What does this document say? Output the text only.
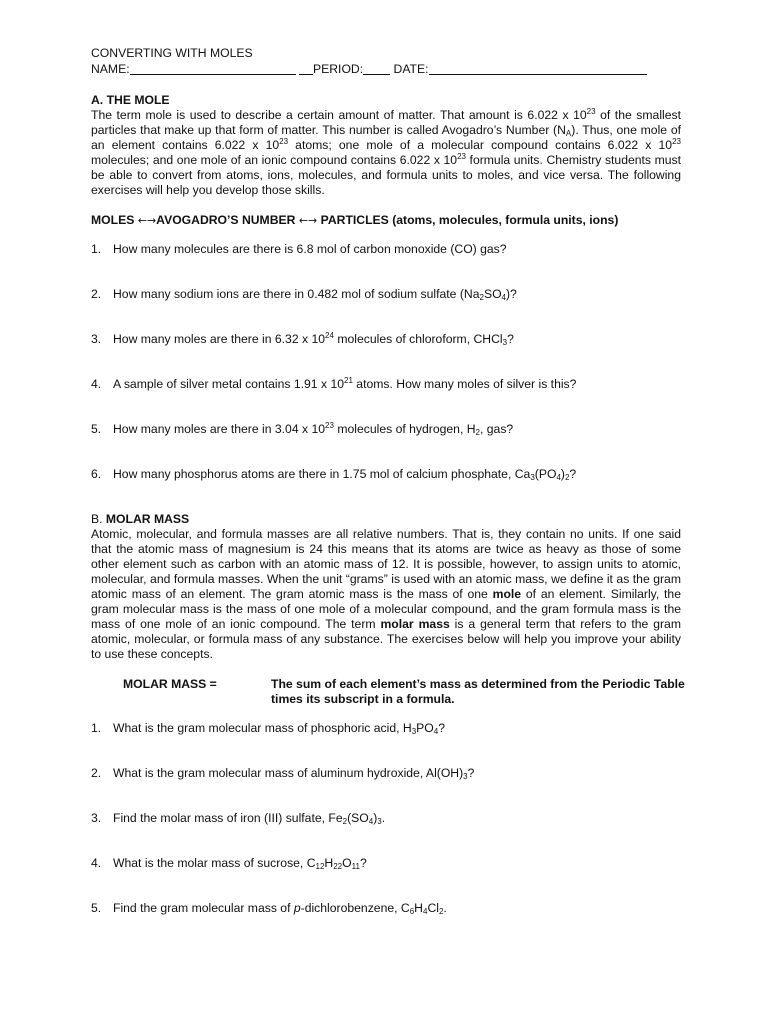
CONVERTING WITH MOLES
NAME:	PERIOD: DATE:
A. THE MOLE
The term mole is used to describe a certain amount of matter. That amount is 6.022 x $10^{23}$ of the smallest particles that make up that form of matter. This number is called Avogadro’s Number $(N_A)$. Thus, one mole of an element contains 6.022 x $10^{23}$ atoms; one mole of a molecular compound contains 6.022 x $10^{23}$ molecules; and one mole of an ionic compound contains 6.022 x $10^{23}$ formula units. Chemistry students must be able to convert from atoms, ions, molecules, and formula units to moles, and vice versa. The following exercises will help you develop those skills.
MOLES ←→AVOGADRO’S NUMBER ←→ PARTICLES (atoms, molecules, formula units, ions)
1. How many molecules are there is 6.8 mol of carbon monoxide (CO) gas?
2. How many sodium ions are there in 0.482 mol of sodium sulfate $(Na_2SO_4)$?
3. How many moles are there in 6.32 x $10^{24}$ molecules of chloroform, CHCl$_3$?
4. A sample of silver metal contains 1.91 x $10^{21}$ atoms. How many moles of silver is this?
5. How many moles are there in 3.04 x $10^{23}$ molecules of hydrogen, $H_2$, gas?
6. How many phosphorus atoms are there in 1.75 mol of calcium phosphate, $Ca_3(PO_4)_2$?
B. MOLAR MASS
Atomic, molecular, and formula masses are all relative numbers. That is, they contain no units. If one said that the atomic mass of magnesium is 24 this means that its atoms are twice as heavy as those of some other element such as carbon with an atomic mass of 12. It is possible, however, to assign units to atomic, molecular, and formula masses. When the unit “grams” is used with an atomic mass, we define it as the gram atomic mass of an element. The gram atomic mass is the mass of one mole of an element. Similarly, the gram molecular mass is the mass of one mole of a molecular compound, and the gram formula mass is the mass of one mole of an ionic compound. The term molar mass is a general term that refers to the gram atomic, molecular, or formula mass of any substance. The exercises below will help you improve your ability to use these concepts.
MOLAR MASS =	The sum of each element’s mass as determined from the Periodic Table times its subscript in a formula.
1. What is the gram molecular mass of phosphoric acid, $H_3PO_4$?
2. What is the gram molecular mass of aluminum hydroxide, $Al(OH)_3$?
3. Find the molar mass of iron (III) sulfate, $Fe_2(SO_4)_3$.
4. What is the molar mass of sucrose, $C_{12}H_{22}O_{11}$?
5. Find the gram molecular mass of p-dichlorobenzene, $C_6H_4Cl_2$.
